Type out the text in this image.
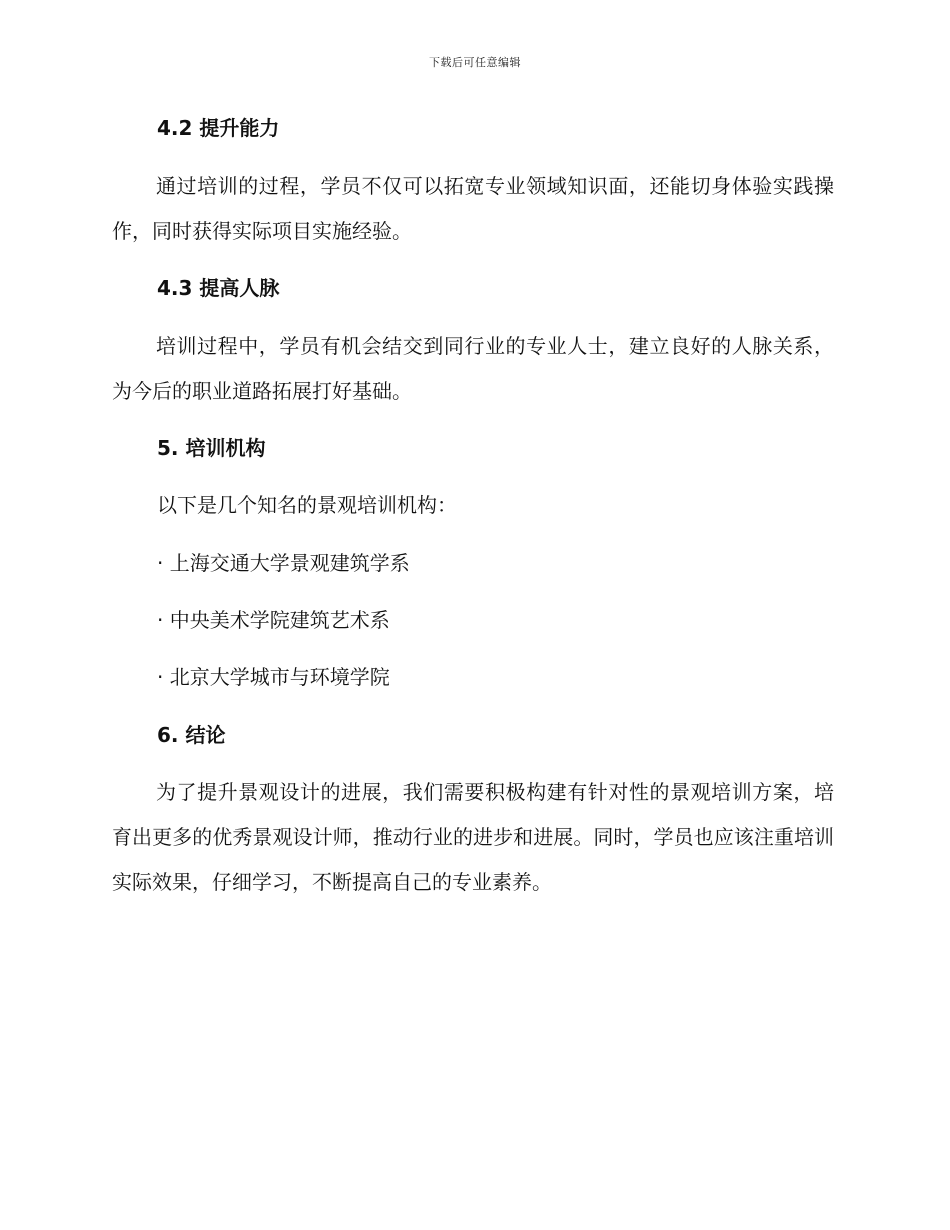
下载后可任意编辑
4.2 提升能力
通过培训的过程，学员不仅可以拓宽专业领域知识面，还能切身体验实践操作，同时获得实际项目实施经验。
4.3 提高人脉
培训过程中，学员有机会结交到同行业的专业人士，建立良好的人脉关系，为今后的职业道路拓展打好基础。
5. 培训机构
以下是几个知名的景观培训机构：
· 上海交通大学景观建筑学系
· 中央美术学院建筑艺术系
· 北京大学城市与环境学院
6. 结论
为了提升景观设计的进展，我们需要积极构建有针对性的景观培训方案，培育出更多的优秀景观设计师，推动行业的进步和进展。同时，学员也应该注重培训实际效果，仔细学习，不断提高自己的专业素养。
